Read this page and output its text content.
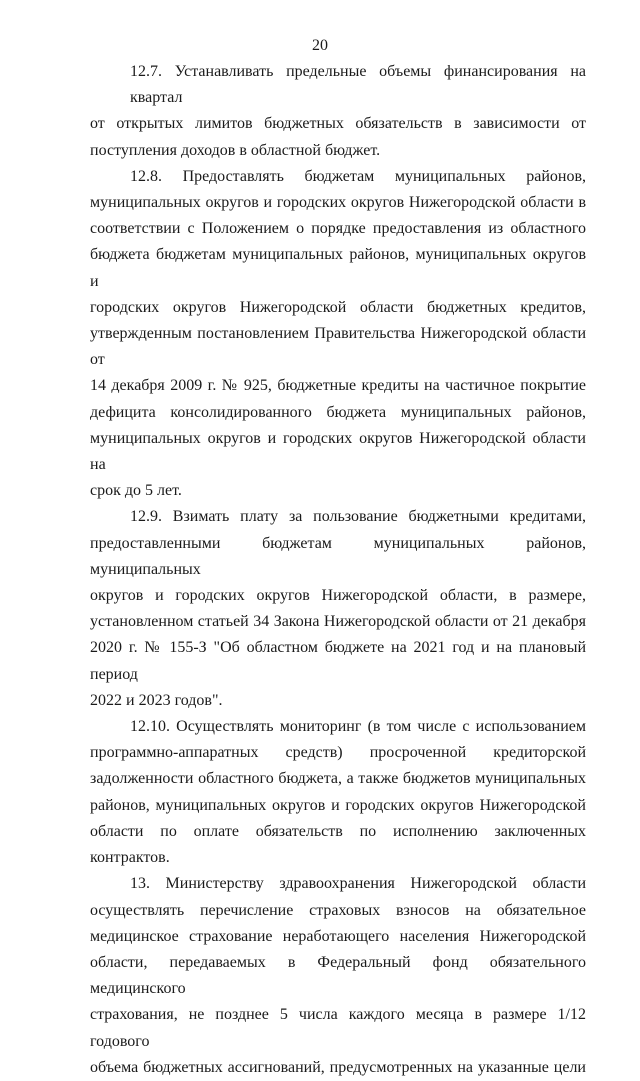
20

12.7. Устанавливать предельные объемы финансирования на квартал
от открытых лимитов бюджетных обязательств в зависимости от
поступления доходов в областной бюджет.

12.8. Предоставлять бюджетам муниципальных районов,
муниципальных округов и городских округов Нижегородской области в
соответствии с Положением о порядке предоставления из областного
бюджета бюджетам муниципальных районов, муниципальных округов и
городских округов Нижегородской области бюджетных кредитов,
утвержденным постановлением Правительства Нижегородской области от
14 декабря 2009 г. № 925, бюджетные кредиты на частичное покрытие
дефицита консолидированного бюджета муниципальных районов,
муниципальных округов и городских округов Нижегородской области на
срок до 5 лет.

12.9. Взимать плату за пользование бюджетными кредитами,
предоставленными бюджетам муниципальных районов, муниципальных
округов и городских округов Нижегородской области, в размере,
установленном статьей 34 Закона Нижегородской области от 21 декабря
2020 г. № 155-З "Об областном бюджете на 2021 год и на плановый период
2022 и 2023 годов".

12.10. Осуществлять мониторинг (в том числе с использованием
программно-аппаратных средств) просроченной кредиторской
задолженности областного бюджета, а также бюджетов муниципальных
районов, муниципальных округов и городских округов Нижегородской
области по оплате обязательств по исполнению заключенных контрактов.

13. Министерству здравоохранения Нижегородской области
осуществлять перечисление страховых взносов на обязательное
медицинское страхование неработающего населения Нижегородской
области, передаваемых в Федеральный фонд обязательного медицинского
страхования, не позднее 5 числа каждого месяца в размере 1/12 годового
объема бюджетных ассигнований, предусмотренных на указанные цели
